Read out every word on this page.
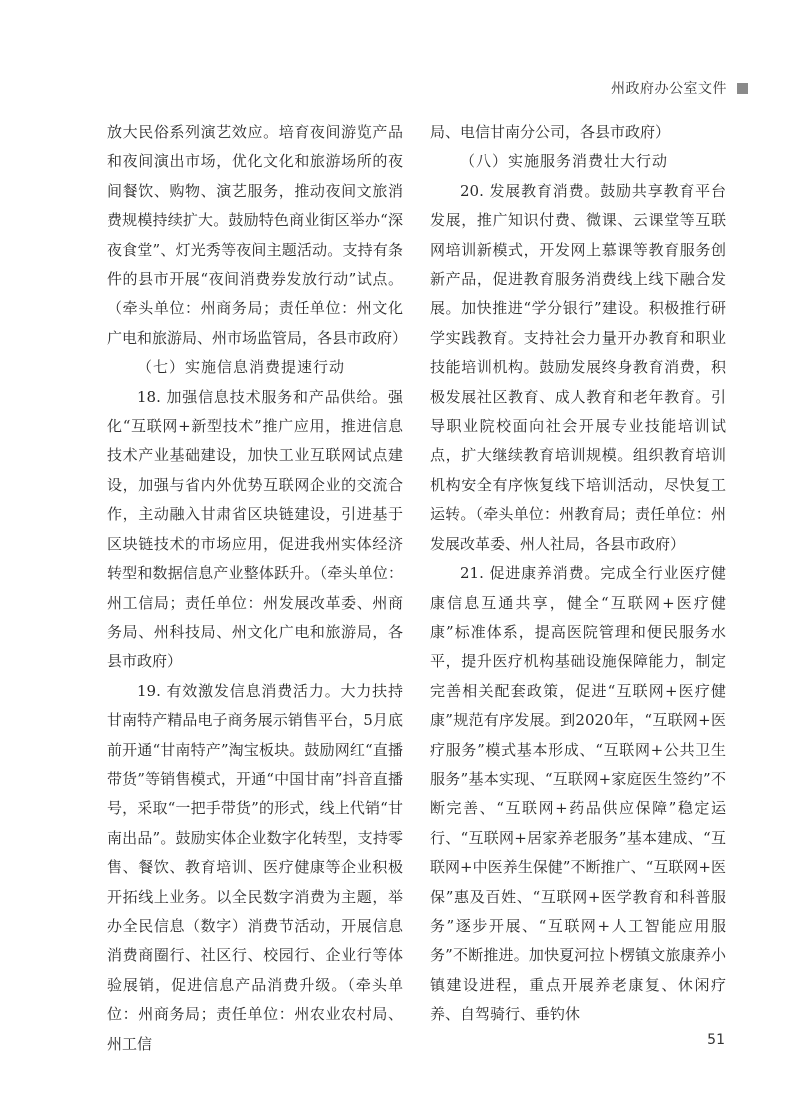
州政府办公室文件

放大民俗系列演艺效应。培育夜间游览产品和夜间演出市场，优化文化和旅游场所的夜间餐饮、购物、演艺服务，推动夜间文旅消费规模持续扩大。鼓励特色商业街区举办“深夜食堂”、灯光秀等夜间主题活动。支持有条件的县市开展“夜间消费券发放行动”试点。（牵头单位：州商务局；责任单位：州文化广电和旅游局、州市场监管局，各县市政府）

（七）实施信息消费提速行动

18. 加强信息技术服务和产品供给。强化“互联网+新型技术”推广应用，推进信息技术产业基础建设，加快工业互联网试点建设，加强与省内外优势互联网企业的交流合作，主动融入甘肃省区块链建设，引进基于区块链技术的市场应用，促进我州实体经济转型和数据信息产业整体跃升。（牵头单位：州工信局；责任单位：州发展改革委、州商务局、州科技局、州文化广电和旅游局，各县市政府）

19. 有效激发信息消费活力。大力扶持甘南特产精品电子商务展示销售平台，5月底前开通“甘南特产”淘宝板块。鼓励网红“直播带货”等销售模式，开通“中国甘南”抖音直播号，采取“一把手带货”的形式，线上代销“甘南出品”。鼓励实体企业数字化转型，支持零售、餐饮、教育培训、医疗健康等企业积极开拓线上业务。以全民数字消费为主题，举办全民信息（数字）消费节活动，开展信息消费商圈行、社区行、校园行、企业行等体验展销，促进信息产品消费升级。（牵头单位：州商务局；责任单位：州农业农村局、州工信

局、电信甘南分公司，各县市政府）

（八）实施服务消费壮大行动

20. 发展教育消费。鼓励共享教育平台发展，推广知识付费、微课、云课堂等互联网培训新模式，开发网上慕课等教育服务创新产品，促进教育服务消费线上线下融合发展。加快推进“学分银行”建设。积极推行研学实践教育。支持社会力量开办教育和职业技能培训机构。鼓励发展终身教育消费，积极发展社区教育、成人教育和老年教育。引导职业院校面向社会开展专业技能培训试点，扩大继续教育培训规模。组织教育培训机构安全有序恢复线下培训活动，尽快复工运转。（牵头单位：州教育局；责任单位：州发展改革委、州人社局，各县市政府）

21. 促进康养消费。完成全行业医疗健康信息互通共享，健全“互联网+医疗健康”标准体系，提高医院管理和便民服务水平，提升医疗机构基础设施保障能力，制定完善相关配套政策，促进“互联网+医疗健康”规范有序发展。到2020年，“互联网+医疗服务”模式基本形成、“互联网+公共卫生服务”基本实现、“互联网+家庭医生签约”不断完善、“互联网+药品供应保障”稳定运行、“互联网+居家养老服务”基本建成、“互联网+中医养生保健”不断推广、“互联网+医保”惠及百姓、“互联网+医学教育和科普服务”逐步开展、“互联网+人工智能应用服务”不断推进。加快夏河拉卜楞镇文旅康养小镇建设进程，重点开展养老康复、休闲疗养、自驾骑行、垂钓休

51
